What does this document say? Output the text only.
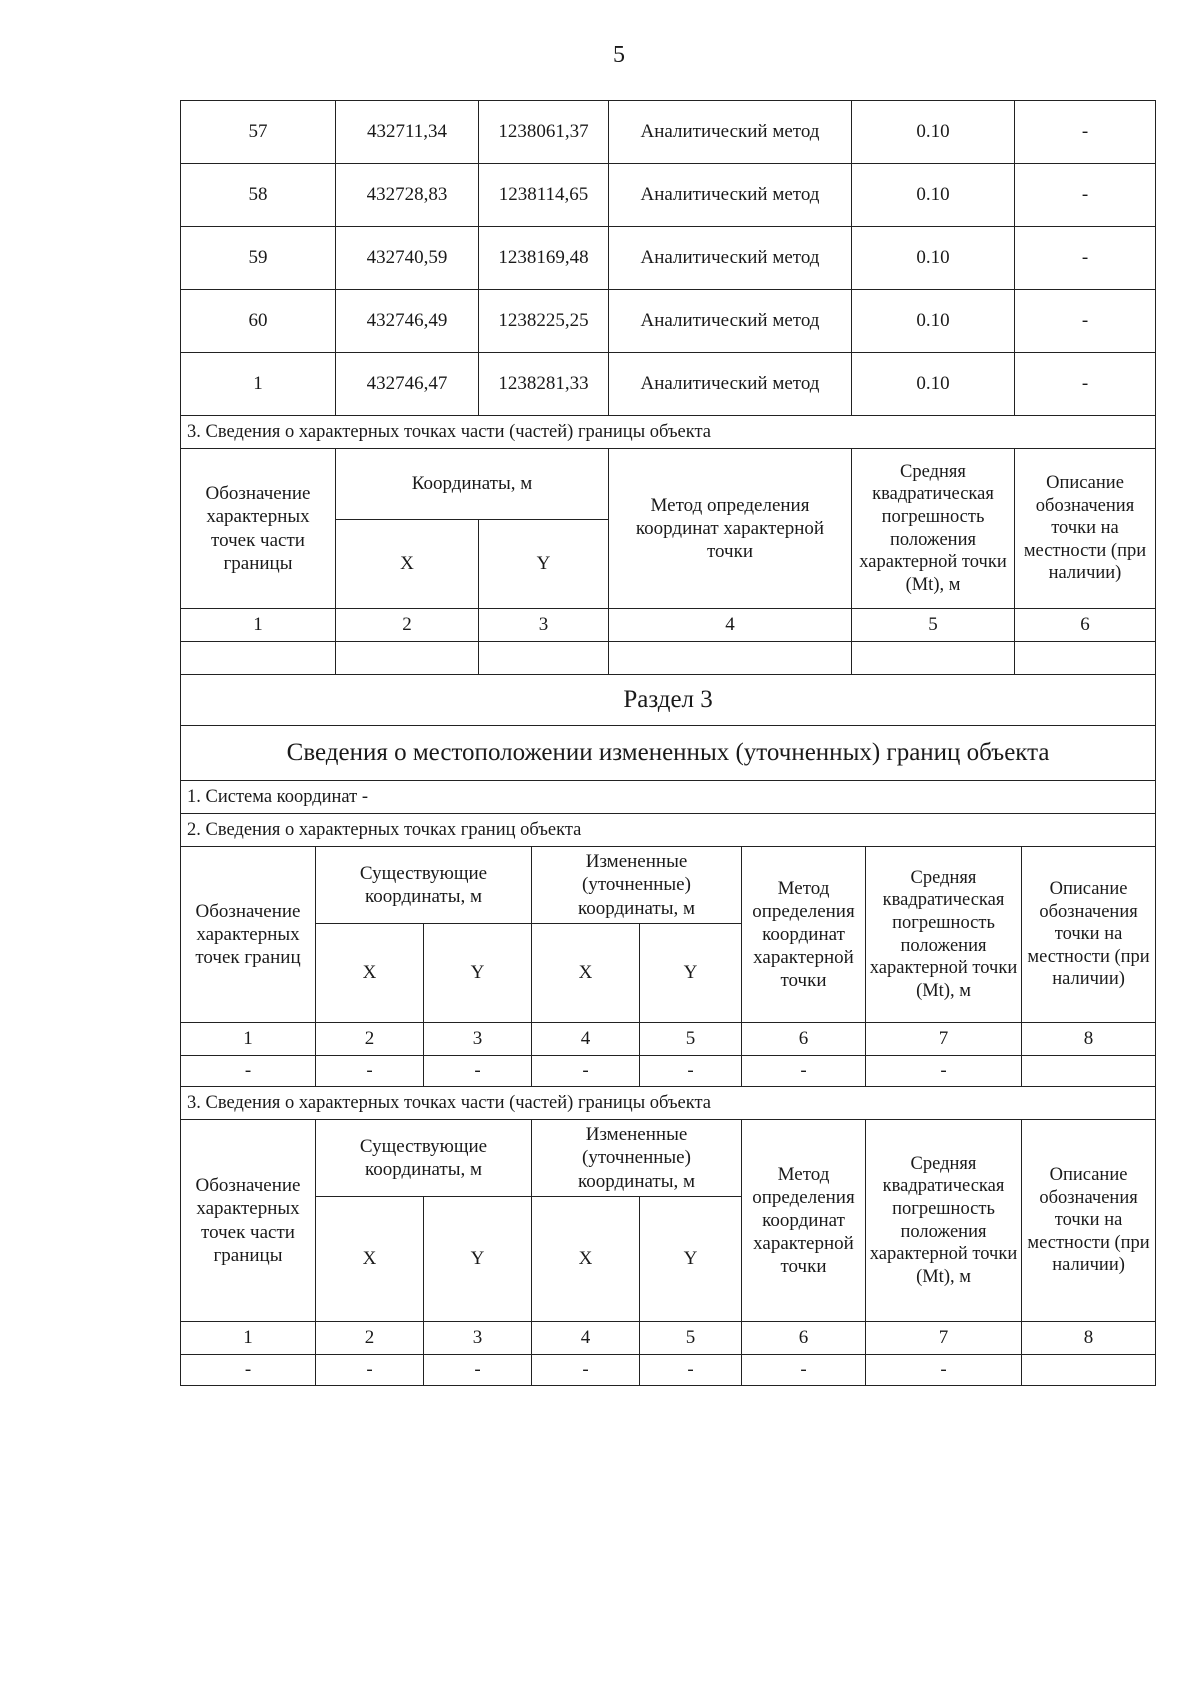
5
57	432711,34	1238061,37	Аналитический метод	0.10	-
58	432728,83	1238114,65	Аналитический метод	0.10	-
59	432740,59	1238169,48	Аналитический метод	0.10	-
60	432746,49	1238225,25	Аналитический метод	0.10	-
1	432746,47	1238281,33	Аналитический метод	0.10	-
3. Сведения о характерных точках части (частей) границы объекта					
Обозначение характерных точек части границы	Координаты, м		Метод определения координат характерной точки	Средняя квадратическая погрешность положения характерной точки (Mt), м	Описание обозначения точки на местности (при наличии)
	X	Y			
1	2	3	4	5	6

Раздел 3							
Сведения о местоположении измененных (уточненных) границ объекта							
1. Система координат -							
2. Сведения о характерных точках границ объекта							
Обозначение характерных точек границ	Существующие координаты, м		Измененные (уточненные) координаты, м		Метод определения координат характерной точки	Средняя квадратическая погрешность положения характерной точки (Mt), м	Описание обозначения точки на местности (при наличии)
	X	Y	X	Y			
1	2	3	4	5	6	7	8
-	-	-	-	-	-	-	
3. Сведения о характерных точках части (частей) границы объекта							
Обозначение характерных точек части границы	Существующие координаты, м		Измененные (уточненные) координаты, м		Метод определения координат характерной точки	Средняя квадратическая погрешность положения характерной точки (Mt), м	Описание обозначения точки на местности (при наличии)
	X	Y	X	Y			
1	2	3	4	5	6	7	8
-	-	-	-	-	-	-	
